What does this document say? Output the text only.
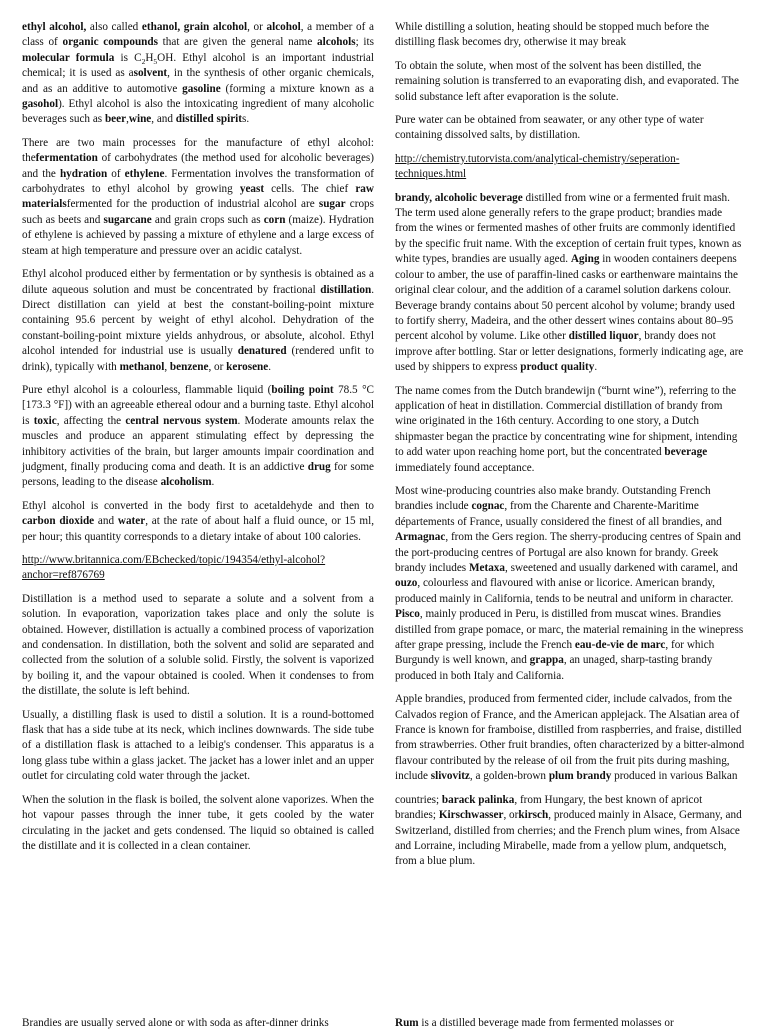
ethyl alcohol, also called ethanol, grain alcohol, or alcohol, a member of a class of organic compounds that are given the general name alcohols; its molecular formula is $C_2H_5OH$. Ethyl alcohol is an important industrial chemical; it is used as asolvent, in the synthesis of other organic chemicals, and as an additive to automotive gasoline (forming a mixture known as a gasohol). Ethyl alcohol is also the intoxicating ingredient of many alcoholic beverages such as beer,wine, and distilled spirits.

There are two main processes for the manufacture of ethyl alcohol: thefermentation of carbohydrates (the method used for alcoholic beverages) and the hydration of ethylene. Fermentation involves the transformation of carbohydrates to ethyl alcohol by growing yeast cells. The chief raw materialsfermented for the production of industrial alcohol are sugar crops such as beets and sugarcane and grain crops such as corn (maize). Hydration of ethylene is achieved by passing a mixture of ethylene and a large excess of steam at high temperature and pressure over an acidic catalyst.

Ethyl alcohol produced either by fermentation or by synthesis is obtained as a dilute aqueous solution and must be concentrated by fractional distillation. Direct distillation can yield at best the constant-boiling-point mixture containing 95.6 percent by weight of ethyl alcohol. Dehydration of the constant-boiling-point mixture yields anhydrous, or absolute, alcohol. Ethyl alcohol intended for industrial use is usually denatured (rendered unfit to drink), typically with methanol, benzene, or kerosene.

Pure ethyl alcohol is a colourless, flammable liquid (boiling point 78.5 °C [173.3 °F]) with an agreeable ethereal odour and a burning taste. Ethyl alcohol is toxic, affecting the central nervous system. Moderate amounts relax the muscles and produce an apparent stimulating effect by depressing the inhibitory activities of the brain, but larger amounts impair coordination and judgment, finally producing coma and death. It is an addictive drug for some persons, leading to the disease alcoholism.

Ethyl alcohol is converted in the body first to acetaldehyde and then to carbon dioxide and water, at the rate of about half a fluid ounce, or 15 ml, per hour; this quantity corresponds to a dietary intake of about 100 calories.

http://www.britannica.com/EBchecked/topic/194354/ethyl-alcohol?anchor=ref876769

Distillation is a method used to separate a solute and a solvent from a solution. In evaporation, vaporization takes place and only the solute is obtained. However, distillation is actually a combined process of vaporization and condensation. In distillation, both the solvent and solid are separated and collected from the solution of a soluble solid. Firstly, the solvent is vaporized by boiling it, and the vapour obtained is cooled. When it condenses to from the distillate, the solute is left behind.

Usually, a distilling flask is used to distil a solution. It is a round-bottomed flask that has a side tube at its neck, which inclines downwards. The side tube of a distillation flask is attached to a leibig's condenser. This apparatus is a long glass tube within a glass jacket. The jacket has a lower inlet and an upper outlet for circulating cold water through the jacket.

When the solution in the flask is boiled, the solvent alone vaporizes. When the hot vapour passes through the inner tube, it gets cooled by the water circulating in the jacket and gets condensed. The liquid so obtained is called the distillate and it is collected in a clean container.

While distilling a solution, heating should be stopped much before the distilling flask becomes dry, otherwise it may break

To obtain the solute, when most of the solvent has been distilled, the remaining solution is transferred to an evaporating dish, and evaporated. The solid substance left after evaporation is the solute.

Pure water can be obtained from seawater, or any other type of water containing dissolved salts, by distillation.

http://chemistry.tutorvista.com/analytical-chemistry/seperation-techniques.html

brandy, alcoholic beverage distilled from wine or a fermented fruit mash. The term used alone generally refers to the grape product; brandies made from the wines or fermented mashes of other fruits are commonly identified by the specific fruit name. With the exception of certain fruit types, known as white types, brandies are usually aged. Aging in wooden containers deepens colour to amber, the use of paraffin-lined casks or earthenware maintains the original clear colour, and the addition of a caramel solution darkens colour. Beverage brandy contains about 50 percent alcohol by volume; brandy used to fortify sherry, Madeira, and the other dessert wines contains about 80–95 percent alcohol by volume. Like other distilled liquor, brandy does not improve after bottling. Star or letter designations, formerly indicating age, are used by shippers to express product quality.

The name comes from the Dutch brandewijn (“burnt wine”), referring to the application of heat in distillation. Commercial distillation of brandy from wine originated in the 16th century. According to one story, a Dutch shipmaster began the practice by concentrating wine for shipment, intending to add water upon reaching home port, but the concentrated beverage immediately found acceptance.

Most wine-producing countries also make brandy. Outstanding French brandies include cognac, from the Charente and Charente-Maritime départements of France, usually considered the finest of all brandies, and Armagnac, from the Gers region. The sherry-producing centres of Spain and the port-producing centres of Portugal are also known for brandy. Greek brandy includes Metaxa, sweetened and usually darkened with caramel, and ouzo, colourless and flavoured with anise or licorice. American brandy, produced mainly in California, tends to be neutral and uniform in character. Pisco, mainly produced in Peru, is distilled from muscat wines. Brandies distilled from grape pomace, or marc, the material remaining in the winepress after grape pressing, include the French eau-de-vie de marc, for which Burgundy is well known, and grappa, an unaged, sharp-tasting brandy produced in both Italy and California.

Apple brandies, produced from fermented cider, include calvados, from the Calvados region of France, and the American applejack. The Alsatian area of France is known for framboise, distilled from raspberries, and fraise, distilled from strawberries. Other fruit brandies, often characterized by a bitter-almond flavour contributed by the release of oil from the fruit pits during mashing, include slivovitz, a golden-brown plum brandy produced in various Balkan

countries; barack palinka, from Hungary, the best known of apricot brandies; Kirschwasser, orkirsch, produced mainly in Alsace, Germany, and Switzerland, distilled from cherries; and the French plum wines, from Alsace and Lorraine, including Mirabelle, made from a yellow plum, andquetsch, from a blue plum.

Brandies are usually served alone or with soda as after-dinner drinks	Rum is a distilled beverage made from fermented molasses or
